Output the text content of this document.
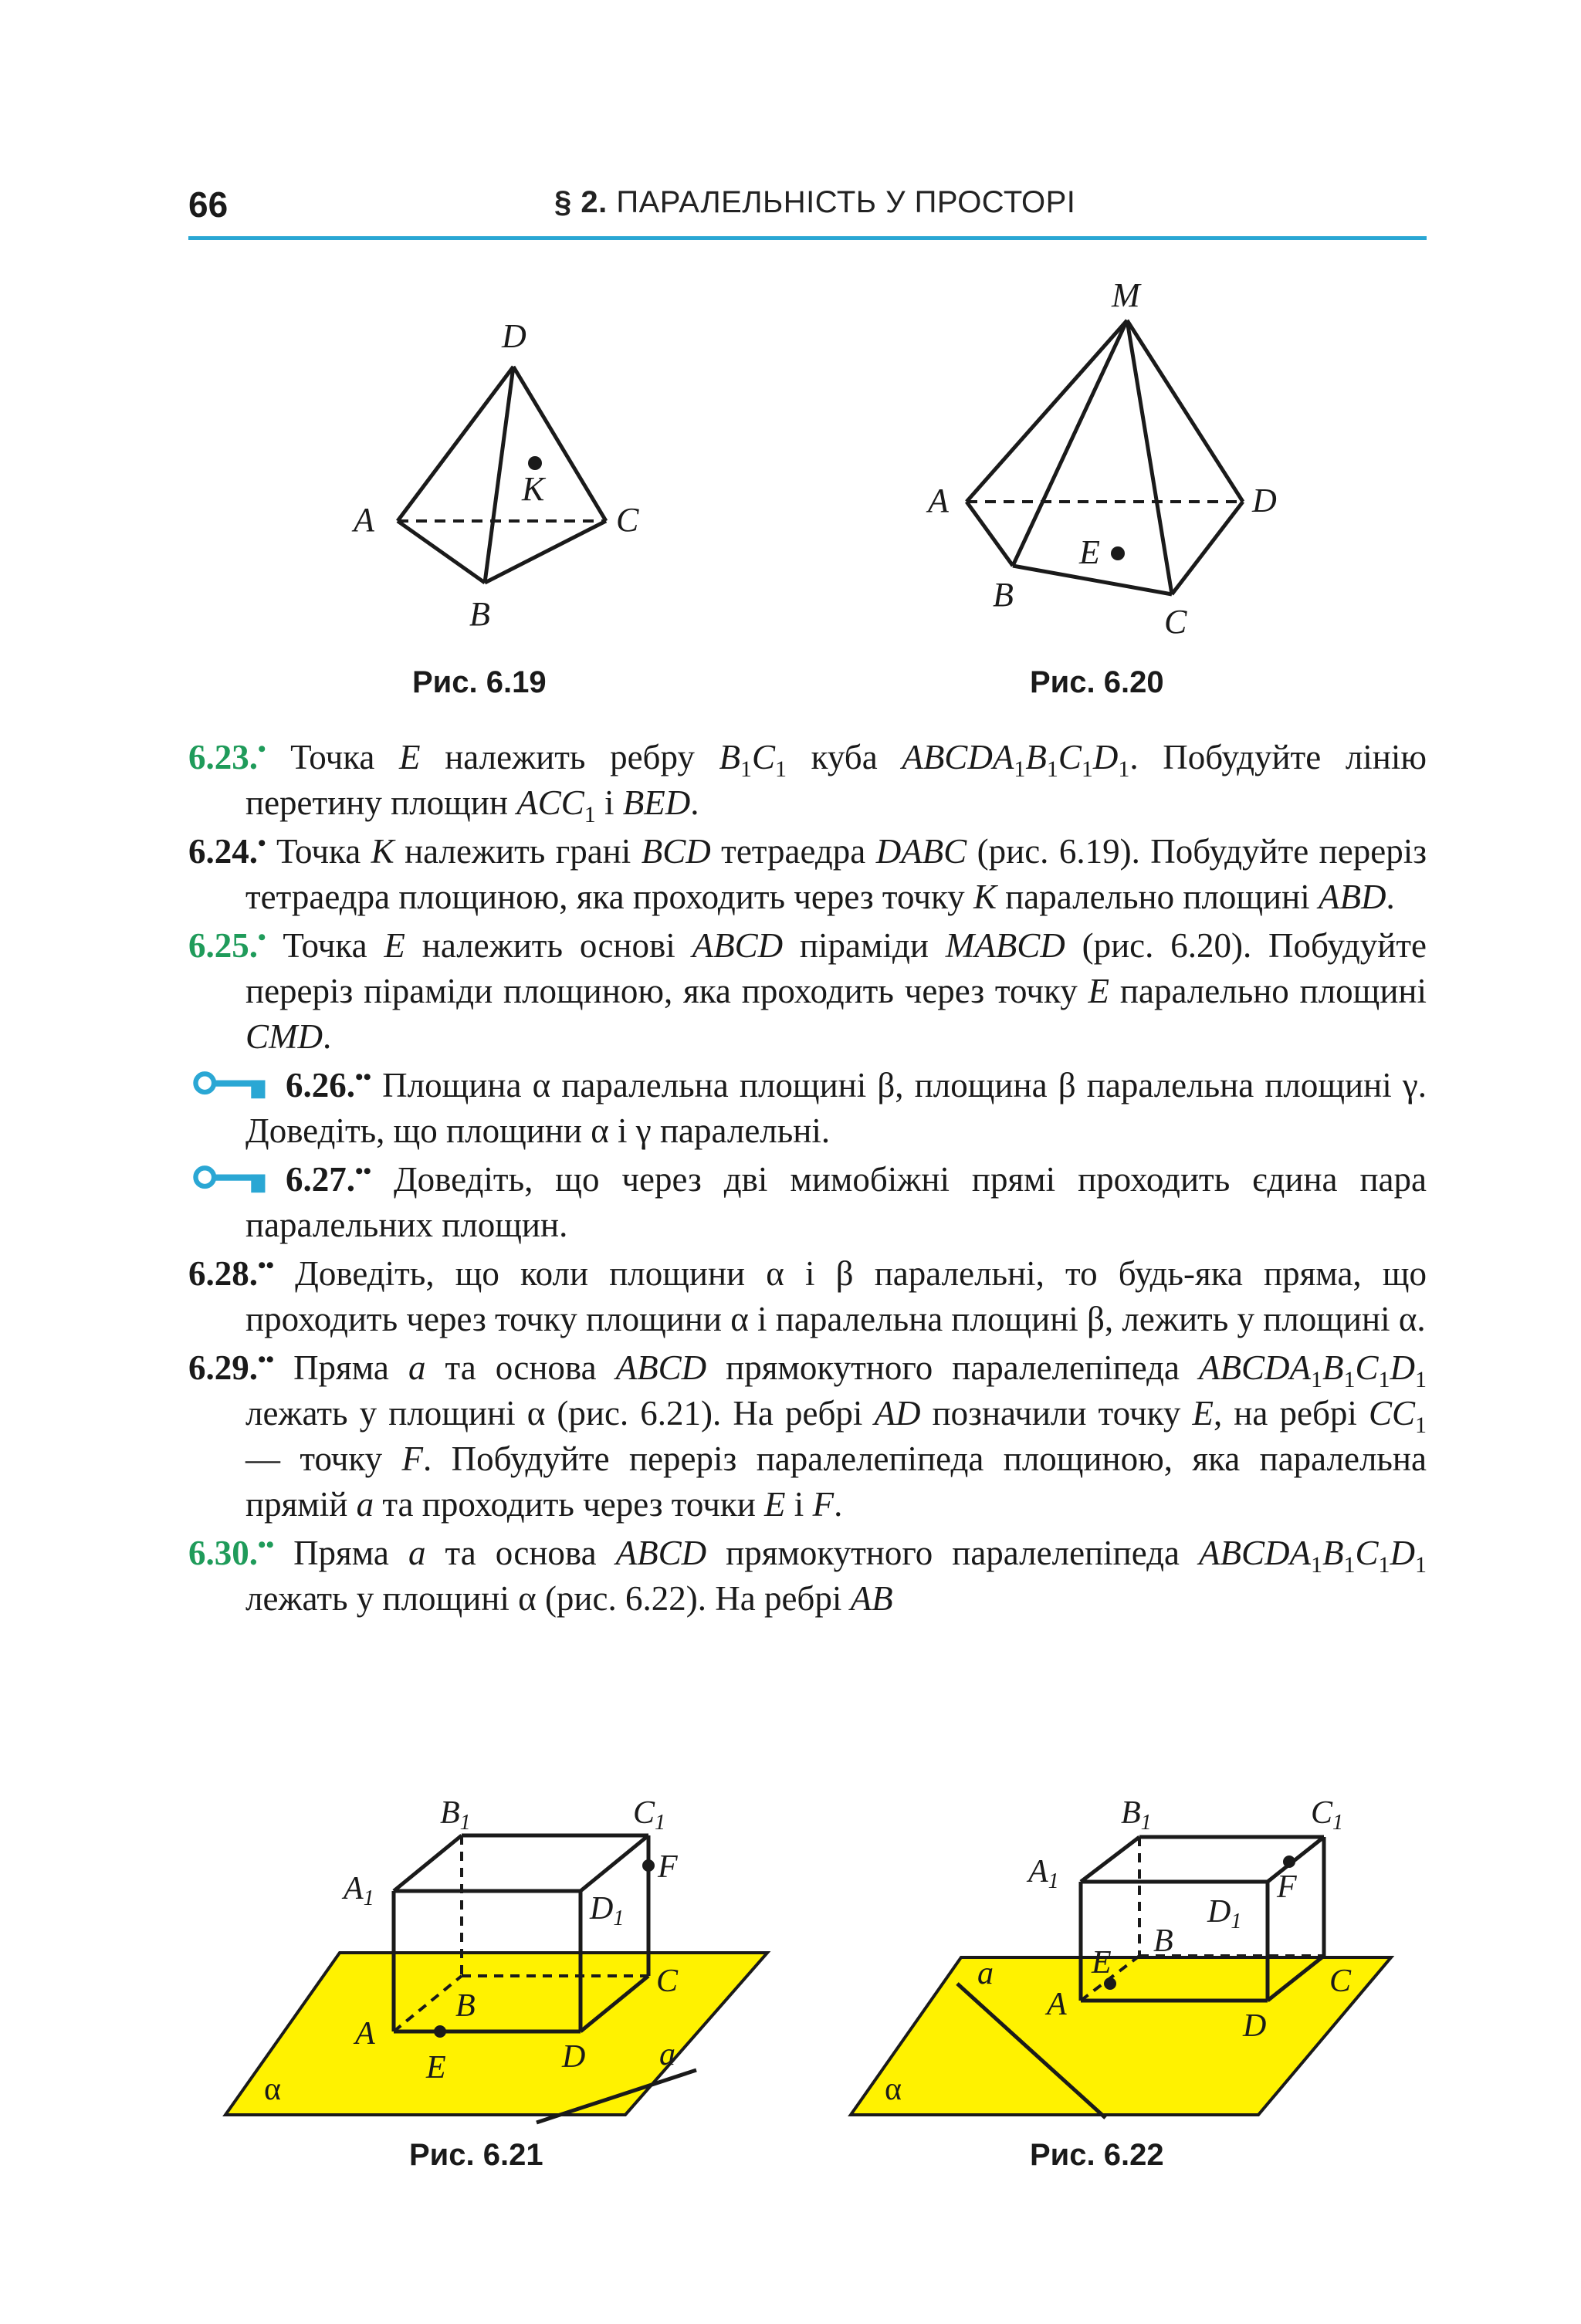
66	§ 2. ПАРАЛЕЛЬНІСТЬ У ПРОСТОРІ
D
A	C
B
K
Рис. 6.19
M
A	D
E
B
C
Рис. 6.20

6.23.• Точка E належить ребру $B_1C_1$ куба $ABCDA_1B_1C_1D_1$. Побудуйте лінію перетину площин $ACC_1$ і BED.

6.24.• Точка K належить грані BCD тетраедра DABC (рис. 6.19). Побудуйте переріз тетраедра площиною, яка проходить через точку K паралельно площині ABD.

6.25.• Точка E належить основі ABCD піраміди MABCD (рис. 6.20). Побудуйте переріз піраміди площиною, яка проходить через точку E паралельно площині CMD.

6.26.•• Площина α паралельна площині β, площина β паралельна площині γ. Доведіть, що площини α і γ паралельні.
6.27.•• Доведіть, що через дві мимобіжні прямі проходить єдина пара паралельних площин.

6.28.•• Доведіть, що коли площини α і β паралельні, то будь-яка пряма, що проходить через точку площини α і паралельна площині β, лежить у площині α.

6.29.•• Пряма a та основа ABCD прямокутного паралелепіпеда $ABCDA_1B_1C_1D_1$ лежать у площині α (рис. 6.21). На ребрі AD позначили точку E, на ребрі $CC_1$ — точку F. Побудуйте переріз паралелепіпеда площиною, яка паралельна прямій a та проходить через точки E і F.

6.30.•• Пряма a та основа ABCD прямокутного паралелепіпеда $ABCDA_1B_1C_1D_1$ лежать у площині α (рис. 6.22). На ребрі AB

B1	C1
A1	D1
F
C
B
A
E	D a
α
Рис. 6.21
B1	C1
A1
D1
F
B
E
C
A
D
a
α
Рис. 6.22
